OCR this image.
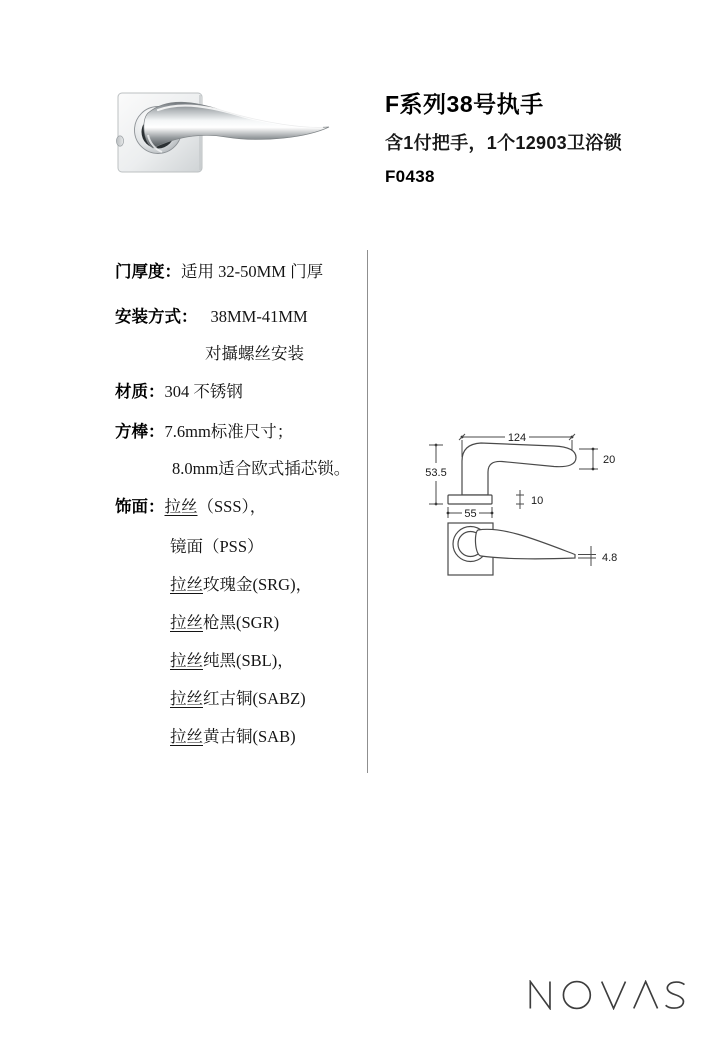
F系列38号执手
含1付把手，1个12903卫浴锁
F0438
门厚度：适用 32-50MM 门厚
安装方式： 38MM-41MM
对攝螺丝安装
材质：304 不锈钢
方棒：7.6mm标准尺寸；
8.0mm适合欧式插芯锁。
饰面：拉丝（SSS），
镜面（PSS）
拉丝玫瑰金(SRG)，
拉丝枪黑(SGR)
拉丝纯黑(SBL)，
拉丝红古铜(SABZ)
拉丝黄古铜(SAB)
124
53.5
20
10
55
4.8
